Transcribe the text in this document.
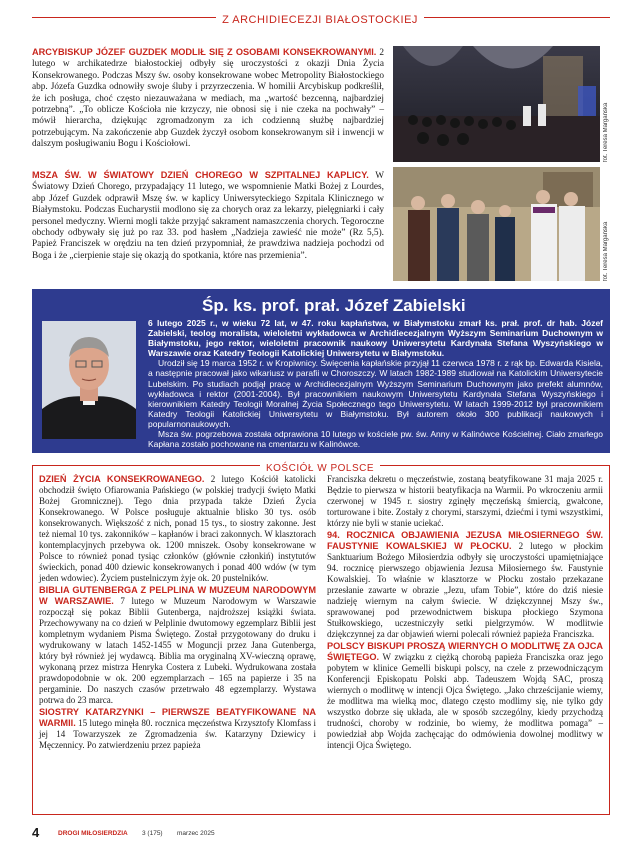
Z ARCHIDIECEZJI BIAŁOSTOCKIEJ
ARCYBISKUP JÓZEF GUZDEK MODLIŁ SIĘ Z OSOBAMI KONSEKROWANYMI. 2 lutego w archikatedrze białostockiej odbyły się uroczystości z okazji Dnia Życia Konsekrowanego. Podczas Mszy św. osoby konsekrowane wobec Metropolity Białostockiego abp. Józefa Guzdka odnowiły swoje śluby i przyrzeczenia. W homilii Arcybiskup podkreślił, że ich posługa, choć często niezauważana w mediach, ma „wartość bezcenną, najbardziej potrzebną”. „To oblicze Kościoła nie krzyczy, nie obnosi się i nie czeka na pochwały” – mówił hierarcha, dziękując zgromadzonym za ich codzienną służbę najbardziej potrzebującym. Na zakończenie abp Guzdek życzył osobom konsekrowanym sił i inwencji w dalszym posługiwaniu Bogu i Kościołowi.	fot. Teresa Margańska
MSZA ŚW. W ŚWIATOWY DZIEŃ CHOREGO W SZPITALNEJ KAPLICY. W Światowy Dzień Chorego, przypadający 11 lutego, we wspomnienie Matki Bożej z Lourdes, abp Józef Guzdek odprawił Mszę św. w kaplicy Uniwersyteckiego Szpitala Klinicznego w Białymstoku. Podczas Eucharystii modlono się za chorych oraz za lekarzy, pielęgniarki i cały personel medyczny. Wierni mogli także przyjąć sakrament namaszczenia chorych. Tegoroczne obchody odbywały się już po raz 33. pod hasłem „Nadzieja zawieść nie może” (Rz 5,5). Papież Franciszek w orędziu na ten dzień przypomniał, że prawdziwa nadzieja pochodzi od Boga i że „cierpienie staje się okazją do spotkania, które nas przemienia”.	fot. Teresa Margańska
Śp. ks. prof. prał. Józef Zabielski
6 lutego 2025 r., w wieku 72 lat, w 47. roku kapłaństwa, w Białymstoku zmarł ks. prał. prof. dr hab. Józef Zabielski, teolog moralista, wieloletni wykładowca w Archidiecezjalnym Wyższym Seminarium Duchownym w Białymstoku, jego rektor, wieloletni pracownik naukowy Uniwersytetu Kardynała Stefana Wyszyńskiego w Warszawie oraz Katedry Teologii Katolickiej Uniwersytetu w Białymstoku.
Urodził się 19 marca 1952 r. w Kropiwnicy. Święcenia kapłańskie przyjął 11 czerwca 1978 r. z rąk bp. Edwarda Kisiela, a następnie pracował jako wikariusz w parafii w Choroszczy. W latach 1982-1989 studiował na Katolickim Uniwersytecie Lubelskim. Po studiach podjął pracę w Archidiecezjalnym Wyższym Seminarium Duchownym jako prefekt alumnów, wykładowca i rektor (2001-2004). Był pracownikiem naukowym Uniwersytetu Kardynała Stefana Wyszyńskiego i kierownikiem Katedry Teologii Moralnej Życia Społecznego tego Uniwersytetu. W latach 1999-2012 był pracownikiem Katedry Teologii Katolickiej Uniwersytetu w Białymstoku. Był autorem około 300 publikacji naukowych i popularnonaukowych.
Msza św. pogrzebowa została odprawiona 10 lutego w kościele pw. św. Anny w Kalinówce Kościelnej. Ciało zmarłego Kapłana zostało pochowane na cmentarzu w Kalinówce.
KOŚCIÓŁ W POLSCE

DZIEŃ ŻYCIA KONSEKROWANEGO. 2 lutego Kościół katolicki obchodził święto Ofiarowania Pańskiego (w polskiej tradycji święto Matki Bożej Gromnicznej). Tego dnia przypada także Dzień Życia Konsekrowanego. W Polsce posługuje aktualnie blisko 30 tys. osób konsekrowanych. Większość z nich, ponad 15 tys., to siostry zakonne. Jest też niemal 10 tys. zakonników – kapłanów i braci zakonnych. W klasztorach kontemplacyjnych przebywa ok. 1200 mniszek. Osoby konsekrowane w Polsce to również ponad tysiąc członków (głównie członkiń) instytutów świeckich, ponad 400 dziewic konsekrowanych i ponad 400 wdów (w tym jeden wdowiec). Życiem pustelniczym żyje ok. 20 pustelników.

BIBLIA GUTENBERGA Z PELPLINA W MUZEUM NARODOWYM W WARSZAWIE. 7 lutego w Muzeum Narodowym w Warszawie rozpoczął się pokaz Biblii Gutenberga, najdroższej książki świata. Przechowywany na co dzień w Pelplinie dwutomowy egzemplarz Biblii jest kompletnym wydaniem Pisma Świętego. Został przygotowany do druku i wydrukowany w latach 1452-1455 w Moguncji przez Jana Gutenberga, który był również jej wydawcą. Biblia ma oryginalną XV-wieczną oprawę, wykonaną przez mistrza Henryka Costera z Lubeki. Wydrukowana została prawdopodobnie w ok. 200 egzemplarzach – 165 na papierze i 35 na pergaminie. Do naszych czasów przetrwało 48 egzemplarzy. Wystawa potrwa do 23 marca.

SIOSTRY KATARZYNKI – PIERWSZE BEATYFIKOWANE NA WARMII. 15 lutego minęła 80. rocznica męczeństwa Krzysztofy Klomfass i jej 14 Towarzyszek ze Zgromadzenia św. Katarzyny Dziewicy i Męczennicy. Po zatwierdzeniu przez papieża

Franciszka dekretu o męczeństwie, zostaną beatyfikowane 31 maja 2025 r. Będzie to pierwsza w historii beatyfikacja na Warmii. Po wkroczeniu armii czerwonej w 1945 r. siostry zginęły męczeńską śmiercią, gwałcone, torturowane i bite. Zostały z chorymi, starszymi, dziećmi i tymi wszystkimi, którzy nie byli w stanie uciekać.

94. ROCZNICA OBJAWIENIA JEZUSA MIŁOSIERNEGO ŚW. FAUSTYNIE KOWALSKIEJ W PŁOCKU. 2 lutego w płockim Sanktuarium Bożego Miłosierdzia odbyły się uroczystości upamiętniające 94. rocznicę pierwszego objawienia Jezusa Miłosiernego św. Faustynie Kowalskiej. To właśnie w klasztorze w Płocku zostało przekazane przesłanie zawarte w obrazie „Jezu, ufam Tobie”, które do dziś niesie nadzieję wiernym na całym świecie. W dziękczynnej Mszy św., sprawowanej pod przewodnictwem biskupa płockiego Szymona Stułkowskiego, uczestniczyły setki pielgrzymów. W modlitwie dziękczynnej za dar objawień wierni polecali również papieża Franciszka.

POLSCY BISKUPI PROSZĄ WIERNYCH O MODLITWĘ ZA OJCA ŚWIĘTEGO. W związku z ciężką chorobą papieża Franciszka oraz jego pobytem w klinice Gemelli biskupi polscy, na czele z przewodniczącym Konferencji Episkopatu Polski abp. Tadeuszem Wojdą SAC, proszą wiernych o modlitwę w intencji Ojca Świętego. „Jako chrześcijanie wiemy, że modlitwa ma wielką moc, dlatego często modlimy się, nie tylko gdy wszystko dobrze się układa, ale w sposób szczególny, kiedy przychodzą trudności, choroby w rodzinie, bo wiemy, że modlitwa pomaga” – powiedział abp Wojda zachęcając do odmówienia dowolnej modlitwy w intencji Ojca Świętego.

4	DROGI MIŁOSIERDZIA 3 (175) marzec 2025
